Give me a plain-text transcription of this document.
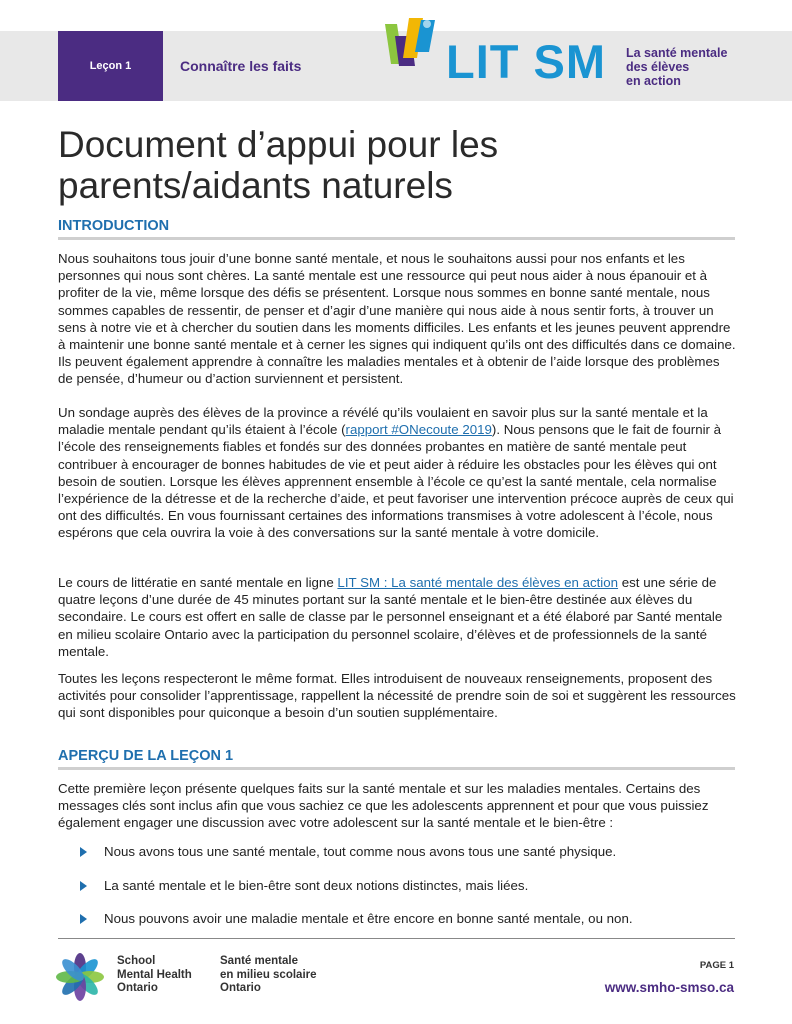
Leçon 1	Connaître les faits	LIT SM La santé mentale
des élèves
en action
Document d’appui pour les
parents/aidants naturels
INTRODUCTION

Nous souhaitons tous jouir d’une bonne santé mentale, et nous le souhaitons aussi pour nos enfants et les personnes qui nous sont chères. La santé mentale est une ressource qui peut nous aider à nous épanouir et à profiter de la vie, même lorsque des défis se présentent. Lorsque nous sommes en bonne santé mentale, nous sommes capables de ressentir, de penser et d’agir d’une manière qui nous aide à nous sentir forts, à trouver un sens à notre vie et à chercher du soutien dans les moments difficiles. Les enfants et les jeunes peuvent apprendre à maintenir une bonne santé mentale et à cerner les signes qui indiquent qu’ils ont des difficultés dans ce domaine. Ils peuvent également apprendre à connaître les maladies mentales et à obtenir de l’aide lorsque des problèmes de pensée, d’humeur ou d’action surviennent et persistent.

Un sondage auprès des élèves de la province a révélé qu’ils voulaient en savoir plus sur la santé mentale et la maladie mentale pendant qu’ils étaient à l’école (rapport #ONecoute 2019). Nous pensons que le fait de fournir à l’école des renseignements fiables et fondés sur des données probantes en matière de santé mentale peut contribuer à encourager de bonnes habitudes de vie et peut aider à réduire les obstacles pour les élèves qui ont besoin de soutien. Lorsque les élèves apprennent ensemble à l’école ce qu’est la santé mentale, cela normalise l’expérience de la détresse et de la recherche d’aide, et peut favoriser une intervention précoce auprès de ceux qui ont des difficultés. En vous fournissant certaines des informations transmises à votre adolescent à l’école, nous espérons que cela ouvrira la voie à des conversations sur la santé mentale à votre domicile.

Le cours de littératie en santé mentale en ligne LIT SM : La santé mentale des élèves en action est une série de quatre leçons d’une durée de 45 minutes portant sur la santé mentale et le bien-être destinée aux élèves du secondaire. Le cours est offert en salle de classe par le personnel enseignant et a été élaboré par Santé mentale en milieu scolaire Ontario avec la participation du personnel scolaire, d’élèves et de professionnels de la santé mentale.

Toutes les leçons respecteront le même format. Elles introduisent de nouveaux renseignements, proposent des activités pour consolider l’apprentissage, rappellent la nécessité de prendre soin de soi et suggèrent les ressources qui sont disponibles pour quiconque a besoin d’un soutien supplémentaire.

APERÇU DE LA LEÇON 1

Cette première leçon présente quelques faits sur la santé mentale et sur les maladies mentales. Certains des messages clés sont inclus afin que vous sachiez ce que les adolescents apprennent et pour que vous puissiez également engager une discussion avec votre adolescent sur la santé mentale et le bien-être :

Nous avons tous une santé mentale, tout comme nous avons tous une santé physique.
La santé mentale et le bien-être sont deux notions distinctes, mais liées.
Nous pouvons avoir une maladie mentale et être encore en bonne santé mentale, ou non.
School
Mental Health
Ontario
Santé mentale
en milieu scolaire
Ontario
PAGE 1
www.smho-smso.ca
